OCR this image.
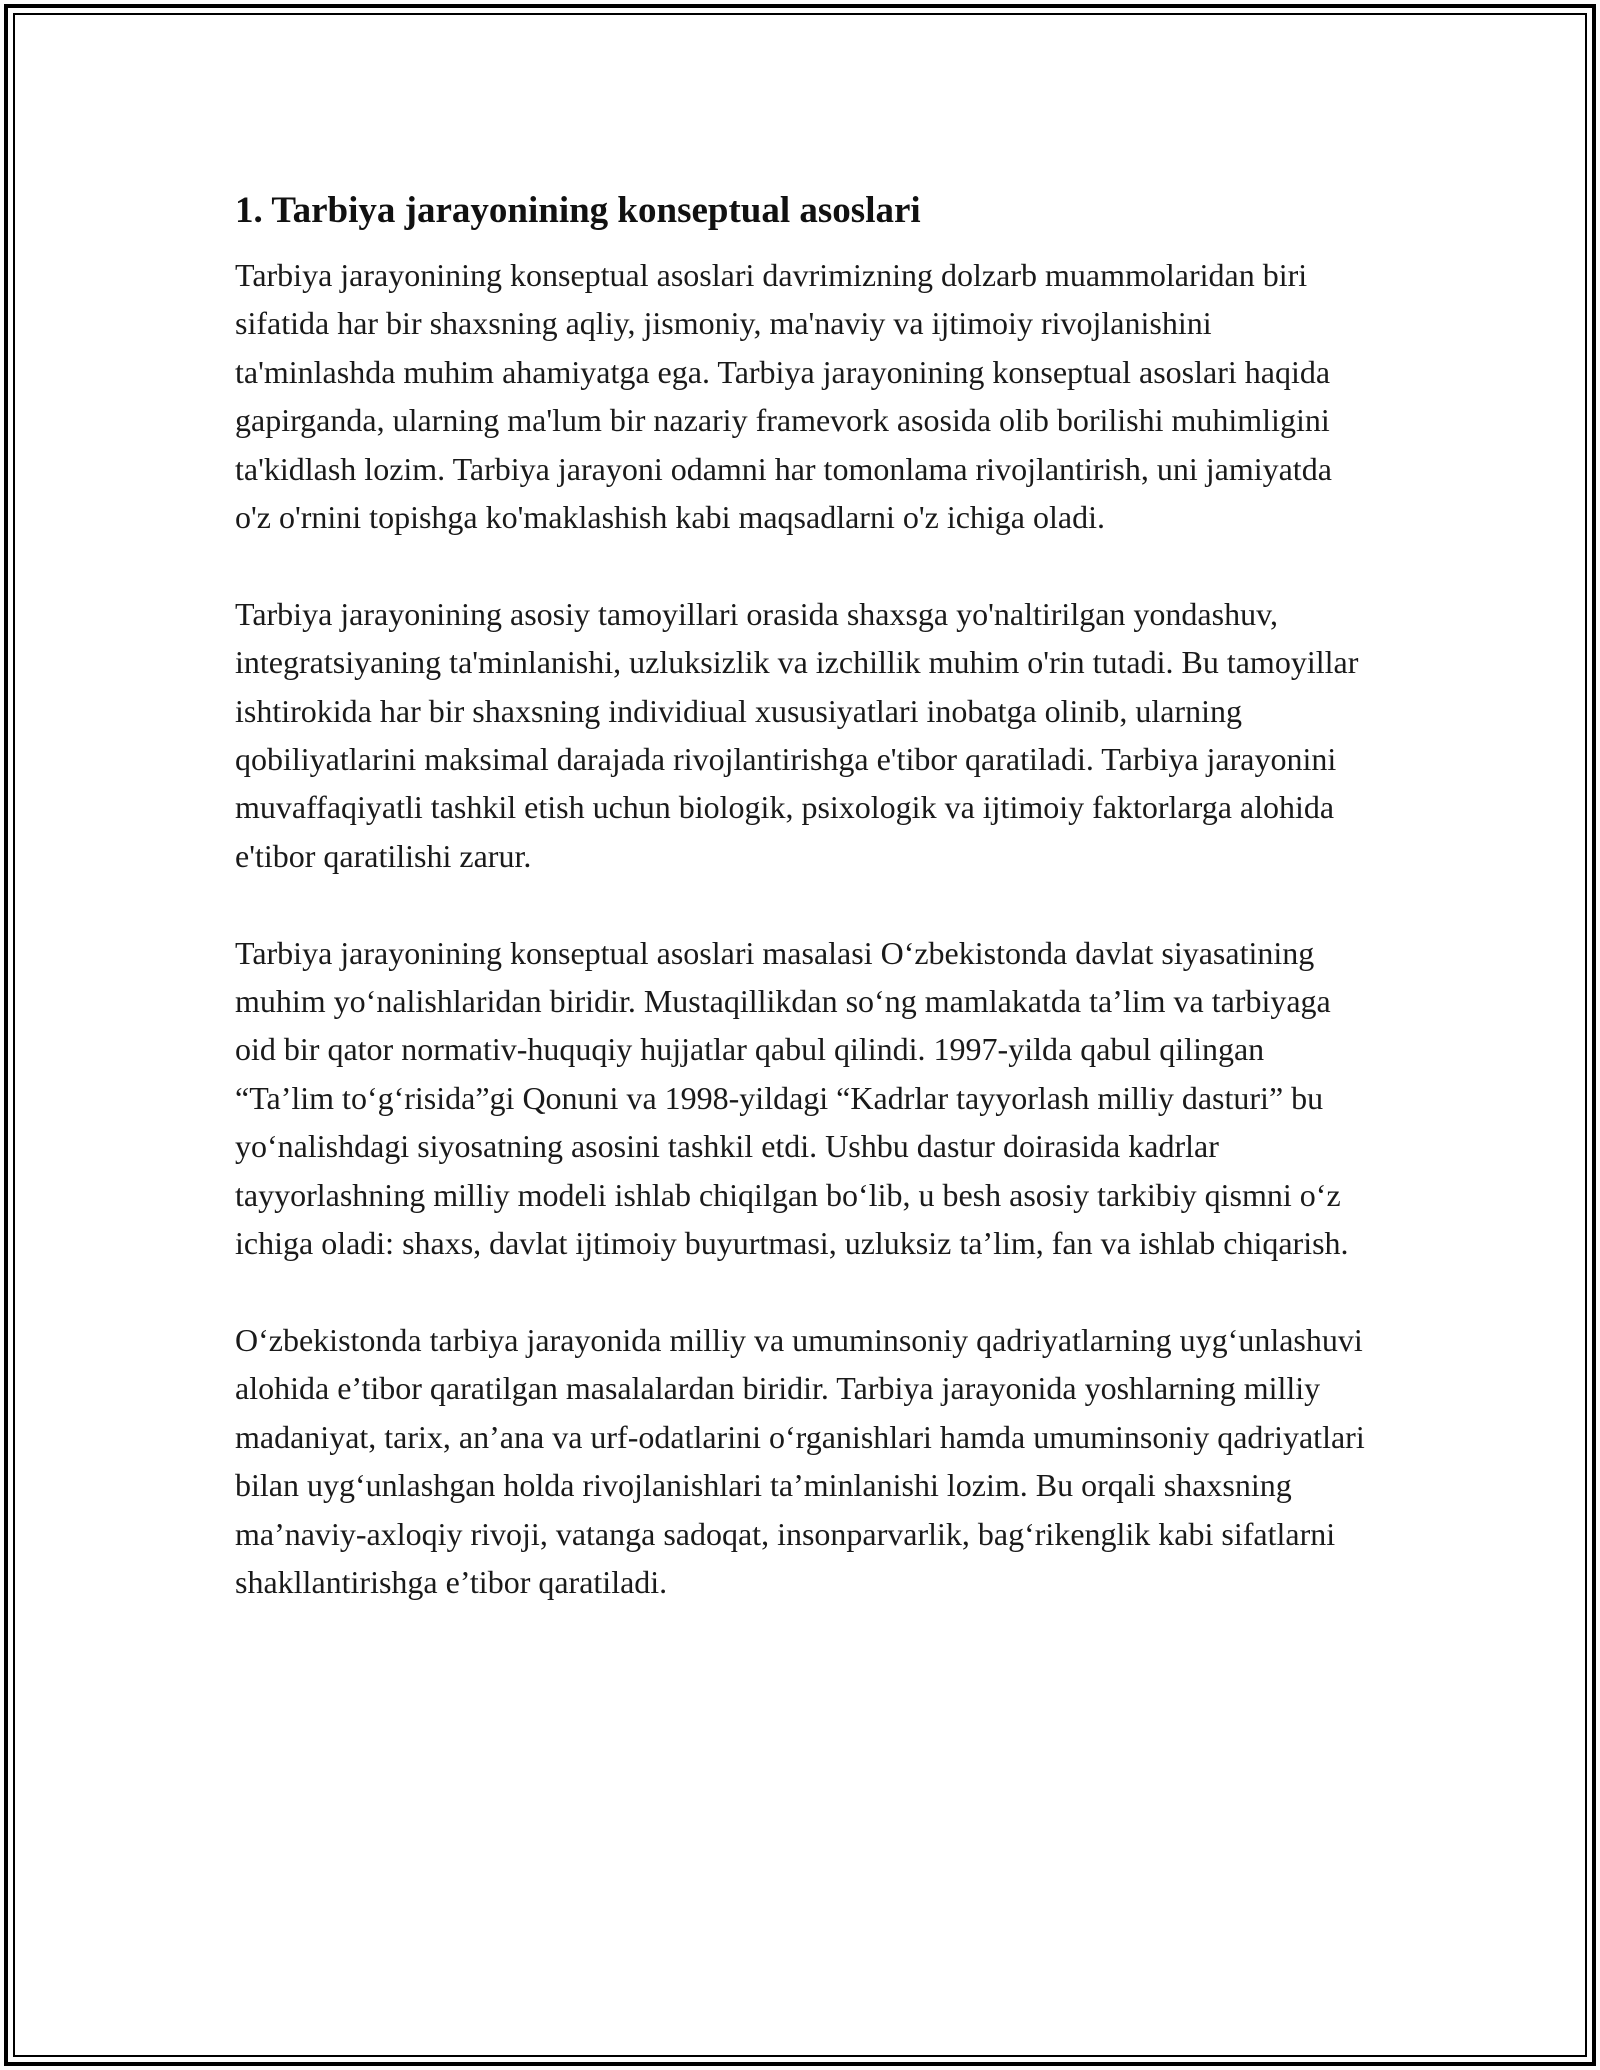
1. Tarbiya jarayonining konseptual asoslari

Tarbiya jarayonining konseptual asoslari davrimizning dolzarb muammolaridan biri sifatida har bir shaxsning aqliy, jismoniy, ma'naviy va ijtimoiy rivojlanishini ta'minlashda muhim ahamiyatga ega. Tarbiya jarayonining konseptual asoslari haqida gapirganda, ularning ma'lum bir nazariy framevork asosida olib borilishi muhimligini ta'kidlash lozim. Tarbiya jarayoni odamni har tomonlama rivojlantirish, uni jamiyatda o'z o'rnini topishga ko'maklashish kabi maqsadlarni o'z ichiga oladi.

Tarbiya jarayonining asosiy tamoyillari orasida shaxsga yo'naltirilgan yondashuv, integratsiyaning ta'minlanishi, uzluksizlik va izchillik muhim o'rin tutadi. Bu tamoyillar ishtirokida har bir shaxsning individiual xususiyatlari inobatga olinib, ularning qobiliyatlarini maksimal darajada rivojlantirishga e'tibor qaratiladi. Tarbiya jarayonini muvaffaqiyatli tashkil etish uchun biologik, psixologik va ijtimoiy faktorlarga alohida e'tibor qaratilishi zarur.

Tarbiya jarayonining konseptual asoslari masalasi O‘zbekistonda davlat siyasatining muhim yo‘nalishlaridan biridir. Mustaqillikdan so‘ng mamlakatda ta’lim va tarbiyaga oid bir qator normativ-huquqiy hujjatlar qabul qilindi. 1997-yilda qabul qilingan “Ta’lim to‘g‘risida”gi Qonuni va 1998-yildagi “Kadrlar tayyorlash milliy dasturi” bu yo‘nalishdagi siyosatning asosini tashkil etdi. Ushbu dastur doirasida kadrlar tayyorlashning milliy modeli ishlab chiqilgan bo‘lib, u besh asosiy tarkibiy qismni o‘z ichiga oladi: shaxs, davlat ijtimoiy buyurtmasi, uzluksiz ta’lim, fan va ishlab chiqarish.

O‘zbekistonda tarbiya jarayonida milliy va umuminsoniy qadriyatlarning uyg‘unlashuvi alohida e’tibor qaratilgan masalalardan biridir. Tarbiya jarayonida yoshlarning milliy madaniyat, tarix, an’ana va urf-odatlarini o‘rganishlari hamda umuminsoniy qadriyatlari bilan uyg‘unlashgan holda rivojlanishlari ta’minlanishi lozim. Bu orqali shaxsning ma’naviy-axloqiy rivoji, vatanga sadoqat, insonparvarlik, bag‘rikenglik kabi sifatlarni shakllantirishga e’tibor qaratiladi.
